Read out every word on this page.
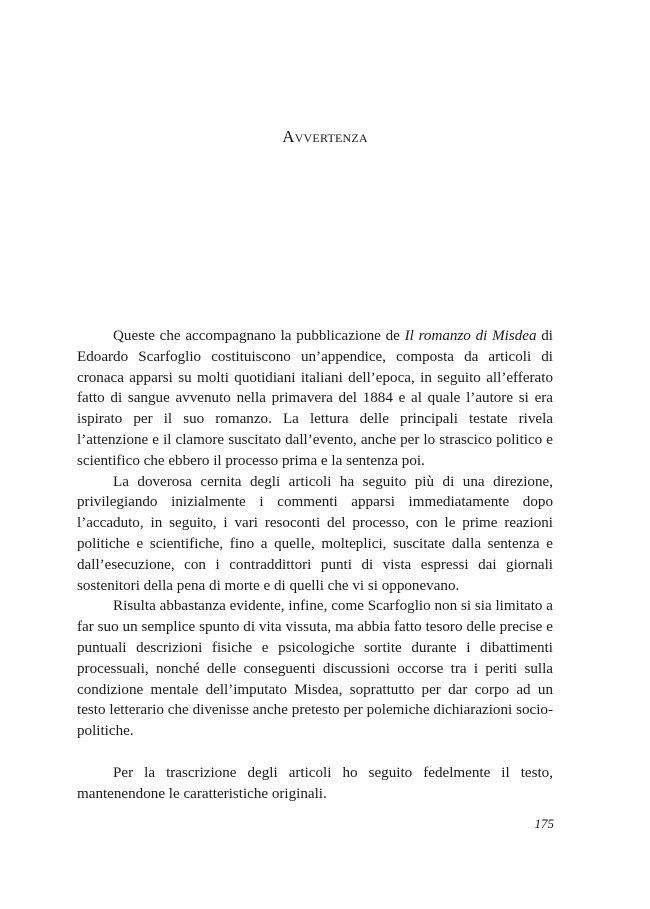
Avvertenza

Queste che accompagnano la pubblicazione de Il romanzo di Misdea di Edoardo Scarfoglio costituiscono un’appendice, composta da articoli di cronaca apparsi su molti quotidiani italiani dell’epoca, in seguito all’efferato fatto di sangue avvenuto nella primavera del 1884 e al quale l’autore si era ispirato per il suo romanzo. La lettura delle principali testate rivela l’attenzione e il clamore suscitato dall’evento, anche per lo strascico politico e scientifico che ebbero il processo prima e la sentenza poi.

La doverosa cernita degli articoli ha seguito più di una direzione, privilegiando inizialmente i commenti apparsi immediatamente dopo l’accaduto, in seguito, i vari resoconti del processo, con le prime reazioni politiche e scientifiche, fino a quelle, molteplici, suscitate dalla sentenza e dall’esecuzione, con i contraddittori punti di vista espressi dai giornali sostenitori della pena di morte e di quelli che vi si opponevano.

Risulta abbastanza evidente, infine, come Scarfoglio non si sia limitato a far suo un semplice spunto di vita vissuta, ma abbia fatto tesoro delle precise e puntuali descrizioni fisiche e psicologiche sortite durante i dibattimenti processuali, nonché delle conseguenti discussioni occorse tra i periti sulla condizione mentale dell’imputato Misdea, soprattutto per dar corpo ad un testo letterario che divenisse anche pretesto per polemiche dichiarazioni socio-politiche.

Per la trascrizione degli articoli ho seguito fedelmente il testo, mantenendone le caratteristiche originali.

175
